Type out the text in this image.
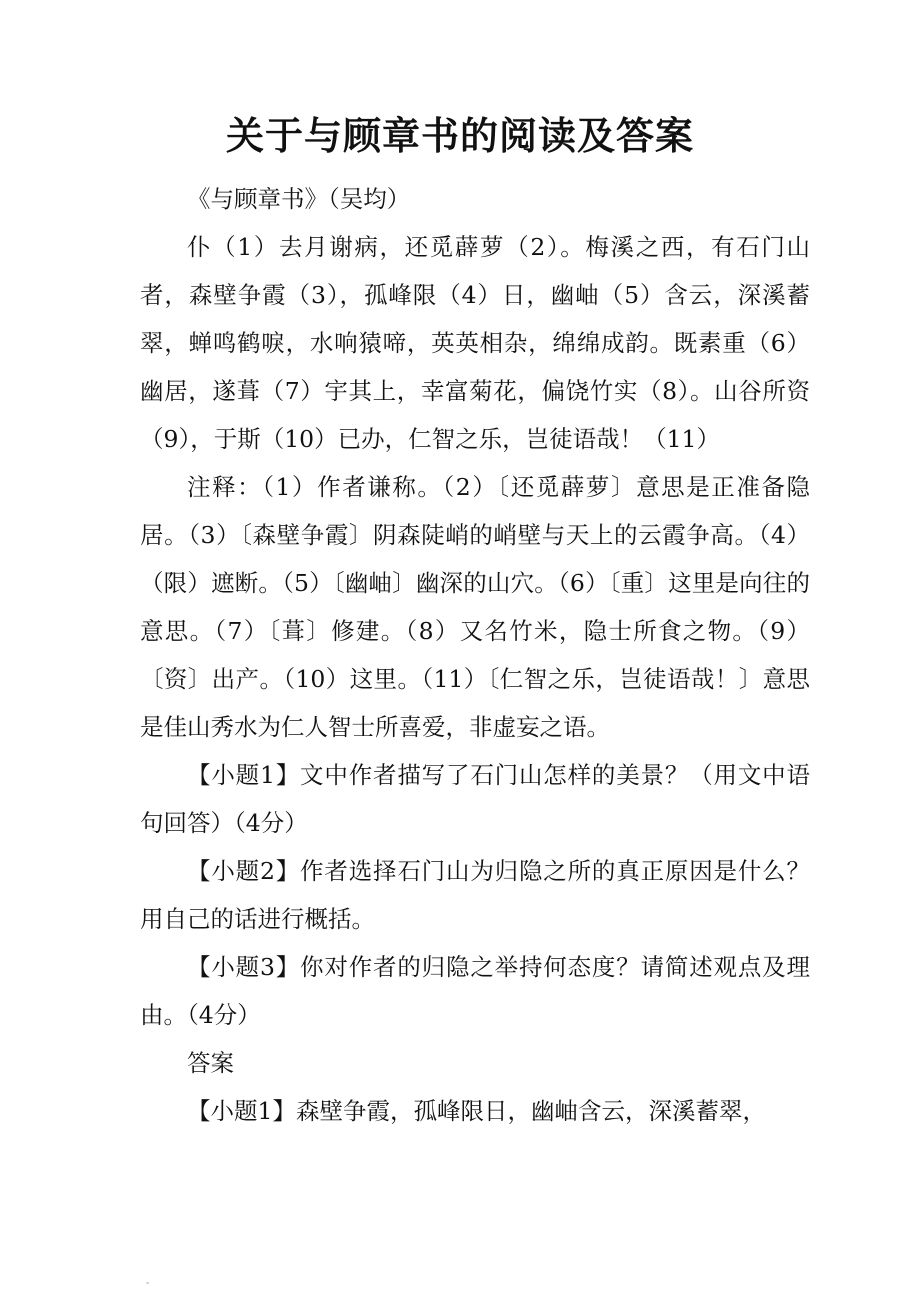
关于与顾章书的阅读及答案

《与顾章书》（吴均）

仆（1）去月谢病，还觅薜萝（2）。梅溪之西，有石门山者，森壁争霞（3），孤峰限（4）日，幽岫（5）含云，深溪蓄翠，蝉鸣鹤唳，水响猿啼，英英相杂，绵绵成韵。既素重（6）幽居，遂葺（7）宇其上，幸富菊花，偏饶竹实（8）。山谷所资（9），于斯（10）已办，仁智之乐，岂徒语哉！（11）

注释：（1）作者谦称。（2）〔还觅薜萝〕意思是正准备隐居。（3）〔森壁争霞〕阴森陡峭的峭壁与天上的云霞争高。（4）（限）遮断。（5）〔幽岫〕幽深的山穴。（6）〔重〕这里是向往的意思。（7）〔葺〕修建。（8）又名竹米，隐士所食之物。（9）〔资〕出产。（10）这里。（11）〔仁智之乐，岂徒语哉！〕意思是佳山秀水为仁人智士所喜爱，非虚妄之语。

【小题1】文中作者描写了石门山怎样的美景？（用文中语句回答）（4分）

【小题2】作者选择石门山为归隐之所的真正原因是什么？用自己的话进行概括。

【小题3】你对作者的归隐之举持何态度？请简述观点及理由。（4分）

答案

【小题1】森壁争霞，孤峰限日，幽岫含云，深溪蓄翠，
